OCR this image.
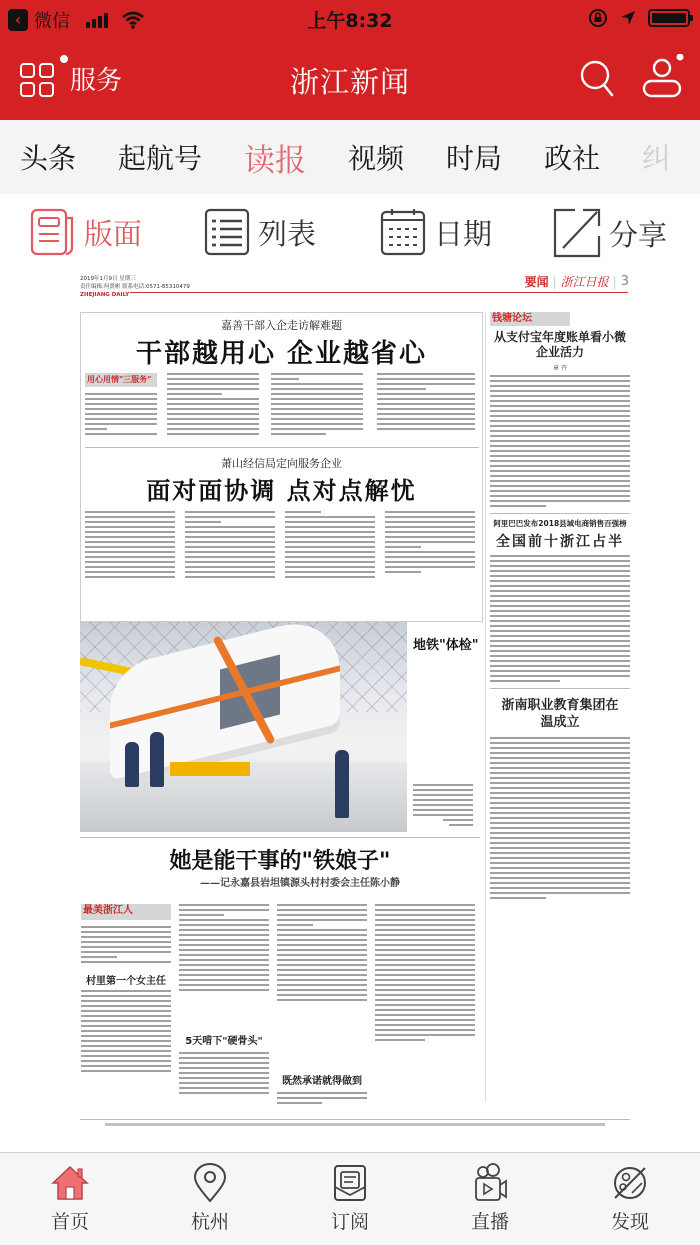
‹ 微信	上午8:32
服务	浙江新闻
头条 起航号 读报 视频 时局 政社 纠
版面	列表	日期	分享
2019年1月9日 星期三
责任编辑:何贤彬 联系电话:0571-85310479
ZHEJIANG DAILY
要闻 | 浙江日报 | 3
嘉善干部入企走访解难题
干部越用心 企业越省心
用心用情"三服务"
萧山经信局定向服务企业
面对面协调 点对点解忧
地铁"体检"
她是能干事的"铁娘子"
——记永嘉县岩坦镇源头村村委会主任陈小静
最美浙江人
村里第一个女主任
5天啃下"硬骨头"
既然承诺就得做到
钱塘论坛
从支付宝年度账单看小微企业活力
章 卉
阿里巴巴发布2018县域电商销售百强榜
全国前十浙江占半
浙南职业教育集团在温成立
首页	杭州	订阅	直播	发现
